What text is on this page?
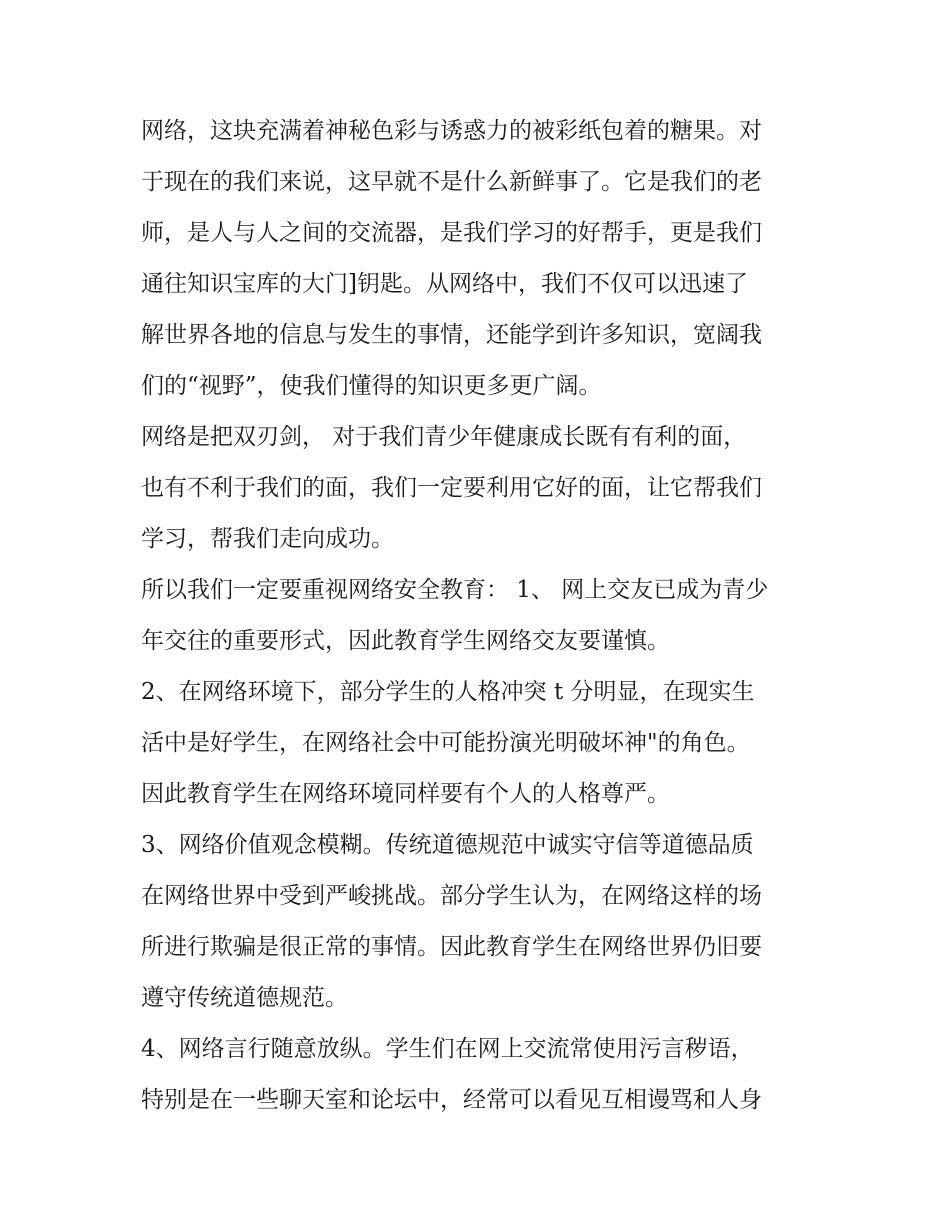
网络，这块充满着神秘色彩与诱惑力的被彩纸包着的糖果。对
于现在的我们来说，这早就不是什么新鲜事了。它是我们的老
师，是人与人之间的交流器，是我们学习的好帮手，更是我们
通往知识宝库的大门]钥匙。从网络中，我们不仅可以迅速了
解世界各地的信息与发生的事情，还能学到许多知识，宽阔我
们的“视野”，使我们懂得的知识更多更广阔。
网络是把双刃剑， 对于我们青少年健康成长既有有利的面，
也有不利于我们的面，我们一定要利用它好的面，让它帮我们
学习，帮我们走向成功。
所以我们一定要重视网络安全教育： 1、 网上交友已成为青少
年交往的重要形式，因此教育学生网络交友要谨慎。
2、在网络环境下，部分学生的人格冲突 t 分明显，在现实生
活中是好学生，在网络社会中可能扮演光明破坏神"的角色。
因此教育学生在网络环境同样要有个人的人格尊严。
3、网络价值观念模糊。传统道德规范中诚实守信等道德品质
在网络世界中受到严峻挑战。部分学生认为，在网络这样的场
所进行欺骗是很正常的事情。因此教育学生在网络世界仍旧要
遵守传统道德规范。
4、网络言行随意放纵。学生们在网上交流常使用污言秽语，
特别是在一些聊天室和论坛中，经常可以看见互相谩骂和人身
